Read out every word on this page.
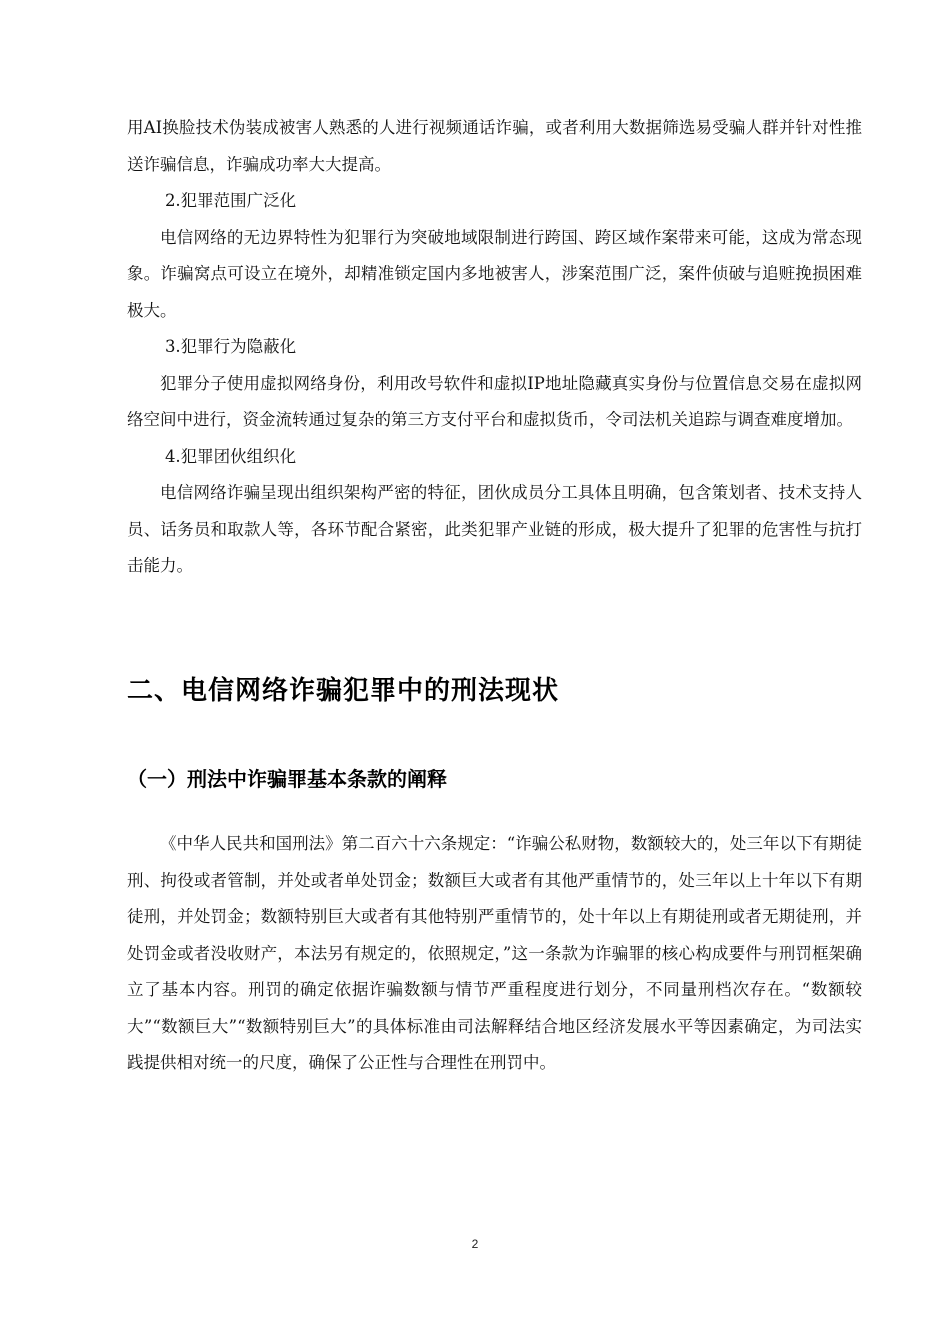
用AI换脸技术伪装成被害人熟悉的人进行视频通话诈骗，或者利用大数据筛选易受骗人群并针对性推送诈骗信息，诈骗成功率大大提高。

2.犯罪范围广泛化

电信网络的无边界特性为犯罪行为突破地域限制进行跨国、跨区域作案带来可能，这成为常态现象。诈骗窝点可设立在境外，却精准锁定国内多地被害人，涉案范围广泛，案件侦破与追赃挽损困难极大。

3.犯罪行为隐蔽化

犯罪分子使用虚拟网络身份，利用改号软件和虚拟IP地址隐藏真实身份与位置信息交易在虚拟网络空间中进行，资金流转通过复杂的第三方支付平台和虚拟货币，令司法机关追踪与调查难度增加。

4.犯罪团伙组织化

电信网络诈骗呈现出组织架构严密的特征，团伙成员分工具体且明确，包含策划者、技术支持人员、话务员和取款人等，各环节配合紧密，此类犯罪产业链的形成，极大提升了犯罪的危害性与抗打击能力。

二、电信网络诈骗犯罪中的刑法现状
（一）刑法中诈骗罪基本条款的阐释

《中华人民共和国刑法》第二百六十六条规定：“诈骗公私财物，数额较大的，处三年以下有期徒刑、拘役或者管制，并处或者单处罚金；数额巨大或者有其他严重情节的，处三年以上十年以下有期徒刑，并处罚金；数额特别巨大或者有其他特别严重情节的，处十年以上有期徒刑或者无期徒刑，并处罚金或者没收财产，本法另有规定的，依照规定，”这一条款为诈骗罪的核心构成要件与刑罚框架确立了基本内容。刑罚的确定依据诈骗数额与情节严重程度进行划分，不同量刑档次存在。“数额较大”“数额巨大”“数额特别巨大”的具体标准由司法解释结合地区经济发展水平等因素确定，为司法实践提供相对统一的尺度，确保了公正性与合理性在刑罚中。

2
